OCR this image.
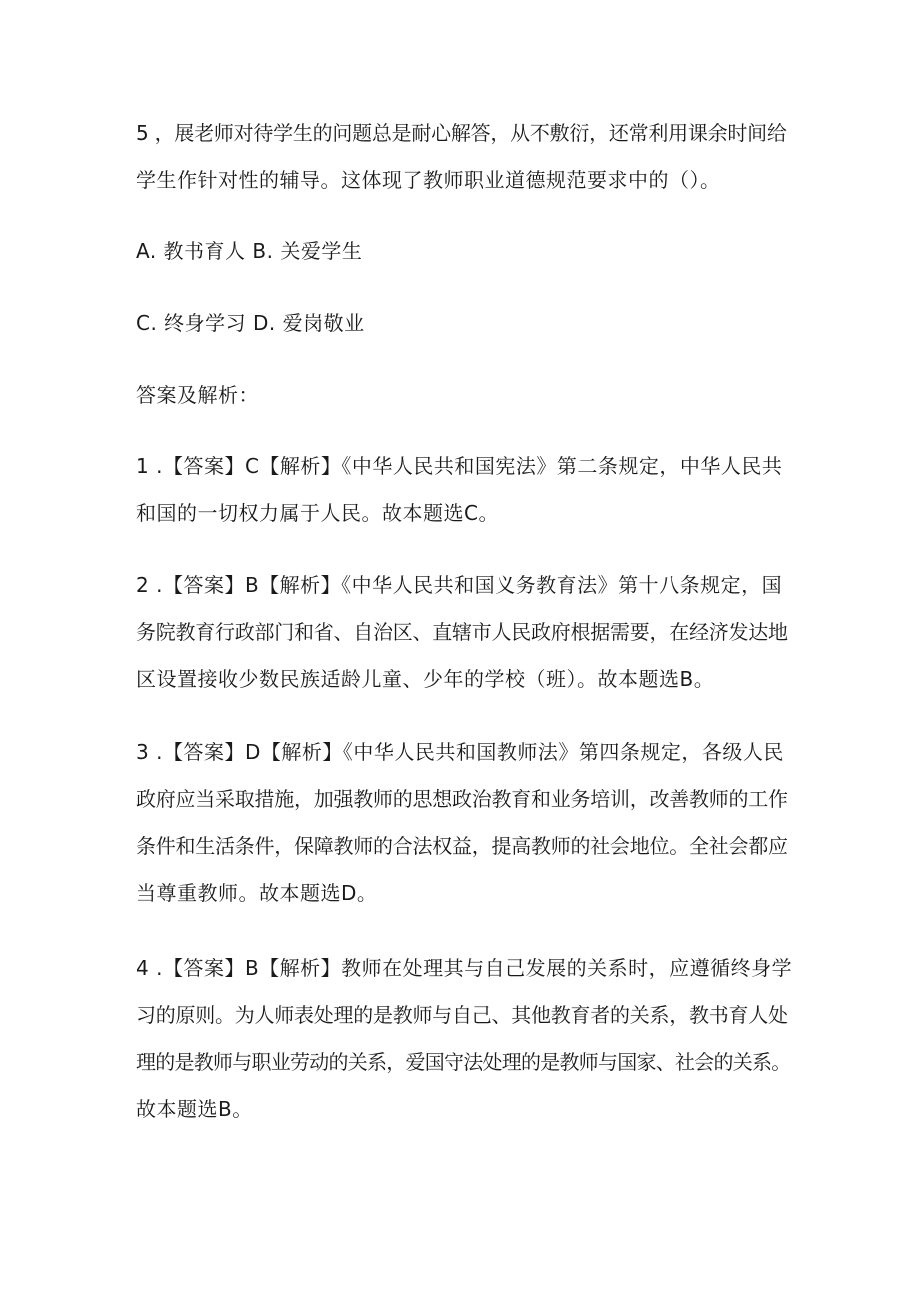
5 ，展老师对待学生的问题总是耐心解答，从不敷衍，还常利用课余时间给
学生作针对性的辅导。这体现了教师职业道德规范要求中的（）。

A. 教书育人 B. 关爱学生

C. 终身学习 D. 爱岗敬业

答案及解析：

1 .【答案】C【解析】《中华人民共和国宪法》第二条规定，中华人民共
和国的一切权力属于人民。故本题选C。

2 .【答案】B【解析】《中华人民共和国义务教育法》第十八条规定，国
务院教育行政部门和省、自治区、直辖市人民政府根据需要，在经济发达地
区设置接收少数民族适龄儿童、少年的学校（班）。故本题选B。

3 .【答案】D【解析】《中华人民共和国教师法》第四条规定，各级人民
政府应当采取措施，加强教师的思想政治教育和业务培训，改善教师的工作
条件和生活条件，保障教师的合法权益，提高教师的社会地位。全社会都应
当尊重教师。故本题选D。

4 .【答案】B【解析】教师在处理其与自己发展的关系时，应遵循终身学
习的原则。为人师表处理的是教师与自己、其他教育者的关系，教书育人处
理的是教师与职业劳动的关系，爱国守法处理的是教师与国家、社会的关系。
故本题选B。
